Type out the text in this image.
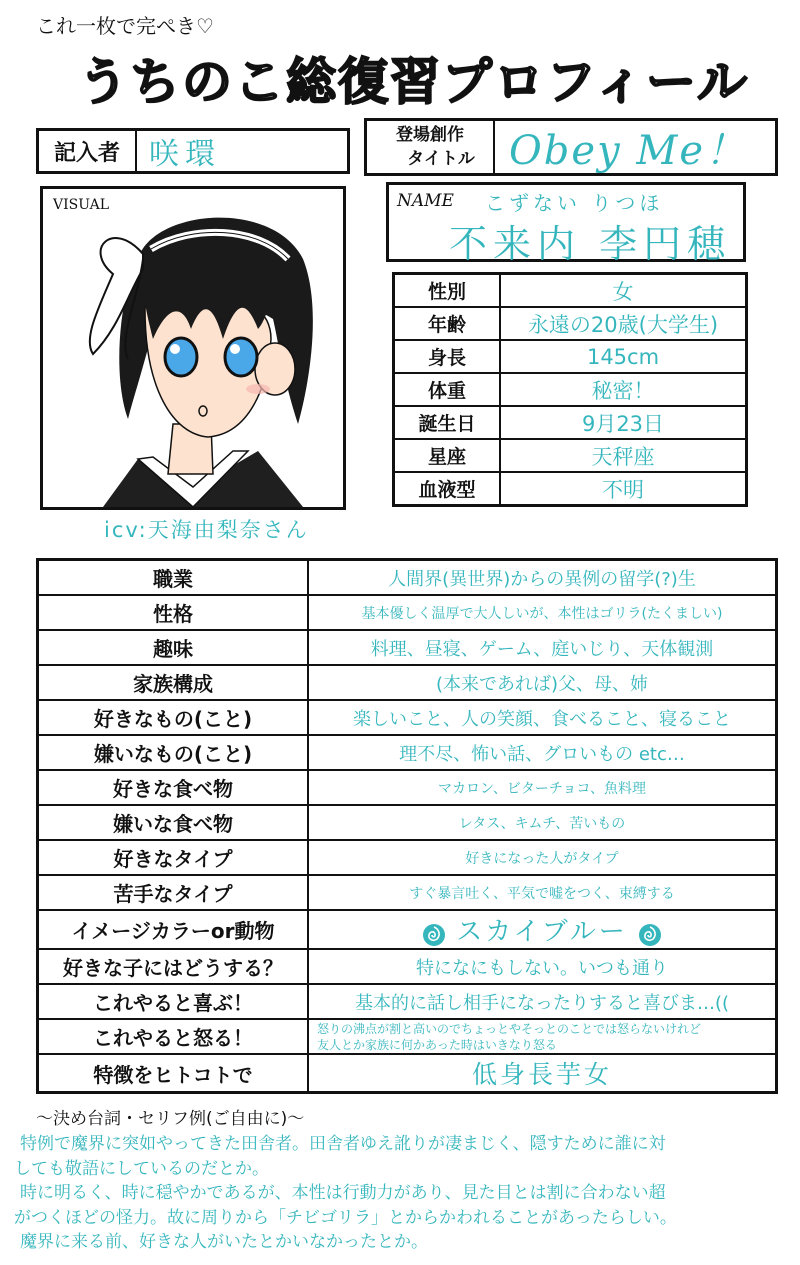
これ一枚で完ぺき♡
うちのこ総復習プロフィール
記入者 咲環
登場創作
タイトル Obey Me！
VISUAL
icv:天海由梨奈さん
NAME こずない りつほ
不来内 李円穂
性別	女
年齢	永遠の20歳(大学生)
身長	145cm
体重	秘密！
誕生日	9月23日
星座	天秤座
血液型	不明
職業	人間界(異世界)からの異例の留学(?)生
性格	基本優しく温厚で大人しいが、本性はゴリラ(たくましい)
趣味	料理、昼寝、ゲーム、庭いじり、天体観測
家族構成	(本来であれば)父、母、姉
好きなもの(こと)	楽しいこと、人の笑顔、食べること、寝ること
嫌いなもの(こと)	理不尽、怖い話、グロいもの etc…
好きな食べ物	マカロン、ビターチョコ、魚料理
嫌いな食べ物	レタス、キムチ、苦いもの
好きなタイプ	好きになった人がタイプ
苦手なタイプ	すぐ暴言吐く、平気で嘘をつく、束縛する
イメージカラーor動物	スカイブルー
好きな子にはどうする？	特になにもしない。いつも通り
これやると喜ぶ！	基本的に話し相手になったりすると喜びま…((
これやると怒る！	怒りの沸点が割と高いのでちょっとやそっとのことでは怒らないけれど
友人とか家族に何かあった時はいきなり怒る

特徴をヒトコトで	低身長芋女
〜決め台詞・セリフ例(ご自由に)〜

特例で魔界に突如やってきた田舎者。田舎者ゆえ訛りが凄まじく、隠すために誰に対

しても敬語にしているのだとか。

時に明るく、時に穏やかであるが、本性は行動力があり、見た目とは割に合わない超

がつくほどの怪力。故に周りから「チビゴリラ」とからかわれることがあったらしい。

魔界に来る前、好きな人がいたとかいなかったとか。
